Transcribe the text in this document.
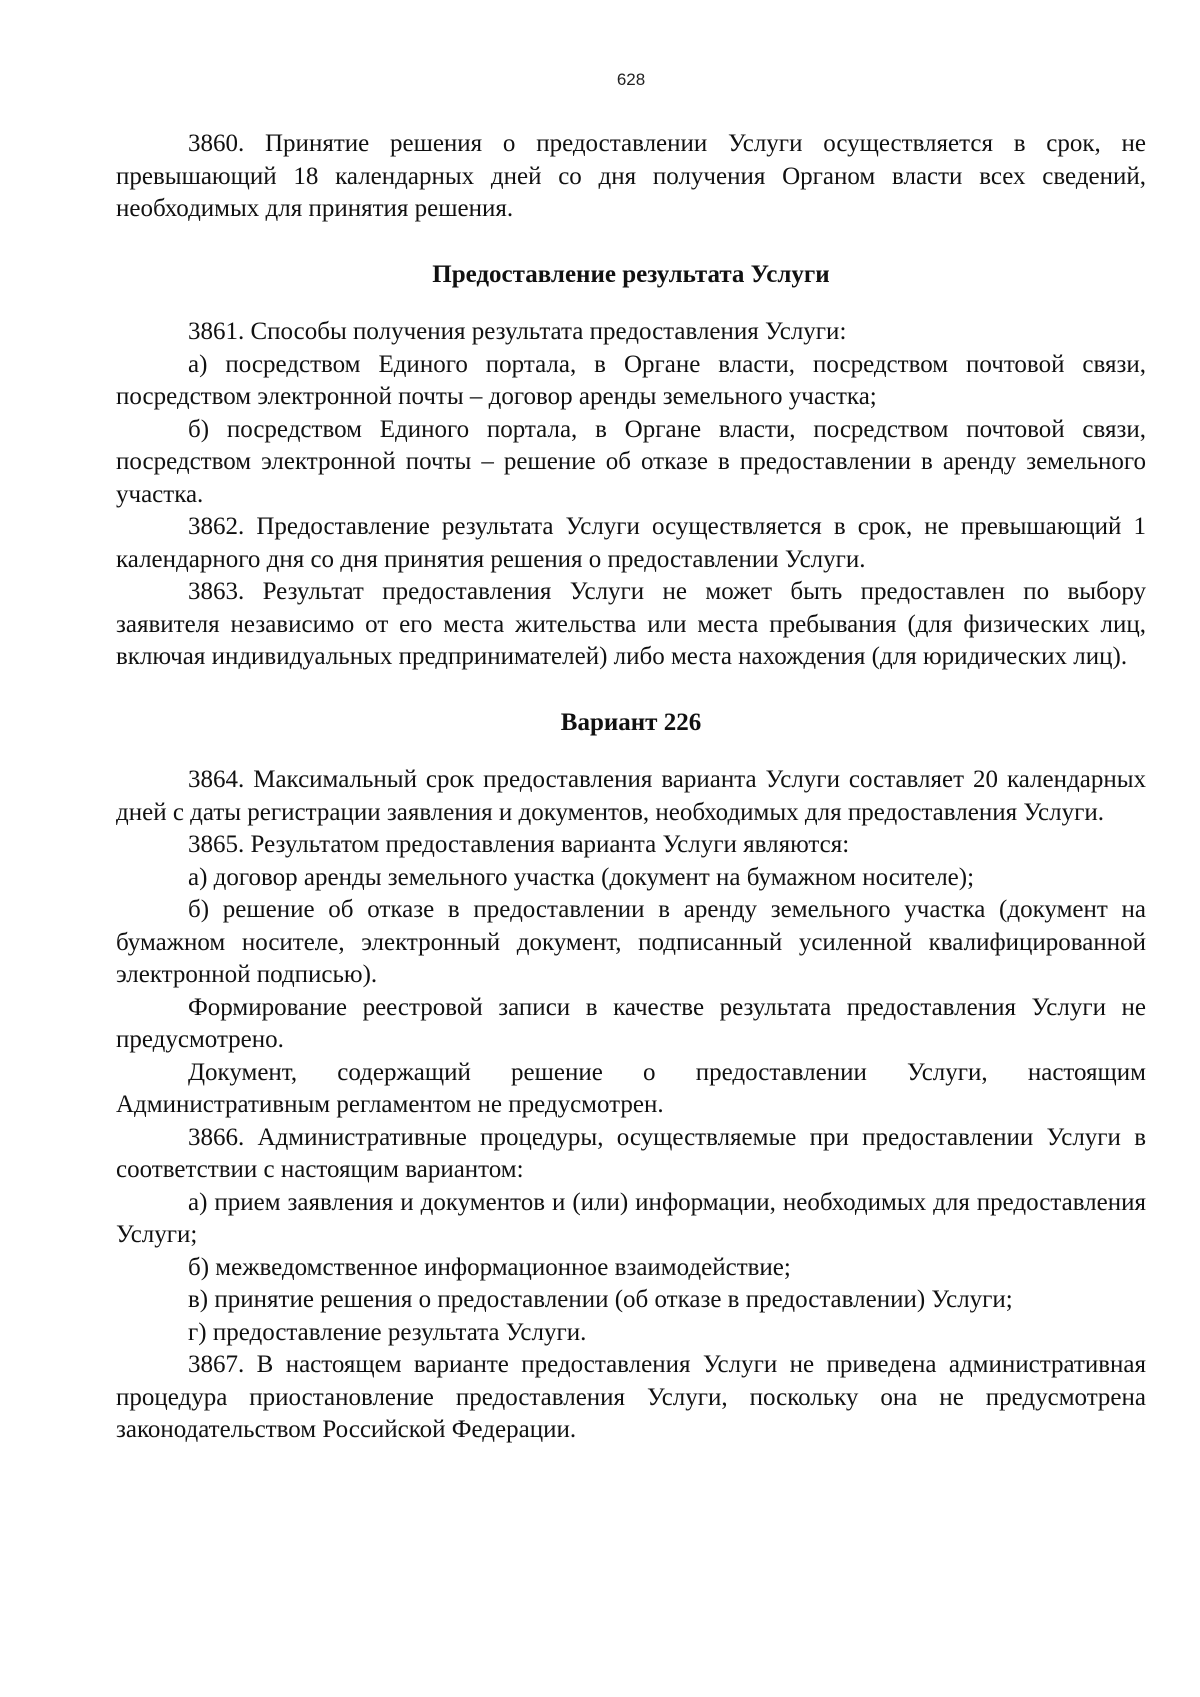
628

3860. Принятие решения о предоставлении Услуги осуществляется в срок, не превышающий 18 календарных дней со дня получения Органом власти всех сведений, необходимых для принятия решения.

Предоставление результата Услуги

3861. Способы получения результата предоставления Услуги:

а) посредством Единого портала, в Органе власти, посредством почтовой связи, посредством электронной почты – договор аренды земельного участка;

б) посредством Единого портала, в Органе власти, посредством почтовой связи, посредством электронной почты – решение об отказе в предоставлении в аренду земельного участка.

3862. Предоставление результата Услуги осуществляется в срок, не превышающий 1 календарного дня со дня принятия решения о предоставлении Услуги.

3863. Результат предоставления Услуги не может быть предоставлен по выбору заявителя независимо от его места жительства или места пребывания (для физических лиц, включая индивидуальных предпринимателей) либо места нахождения (для юридических лиц).

Вариант 226

3864. Максимальный срок предоставления варианта Услуги составляет 20 календарных дней с даты регистрации заявления и документов, необходимых для предоставления Услуги.

3865. Результатом предоставления варианта Услуги являются:

а) договор аренды земельного участка (документ на бумажном носителе);

б) решение об отказе в предоставлении в аренду земельного участка (документ на бумажном носителе, электронный документ, подписанный усиленной квалифицированной электронной подписью).

Формирование реестровой записи в качестве результата предоставления Услуги не предусмотрено.

Документ, содержащий решение о предоставлении Услуги, настоящим Административным регламентом не предусмотрен.

3866. Административные процедуры, осуществляемые при предоставлении Услуги в соответствии с настоящим вариантом:

а) прием заявления и документов и (или) информации, необходимых для предоставления Услуги;

б) межведомственное информационное взаимодействие;

в) принятие решения о предоставлении (об отказе в предоставлении) Услуги;

г) предоставление результата Услуги.

3867. В настоящем варианте предоставления Услуги не приведена административная процедура приостановление предоставления Услуги, поскольку она не предусмотрена законодательством Российской Федерации.
